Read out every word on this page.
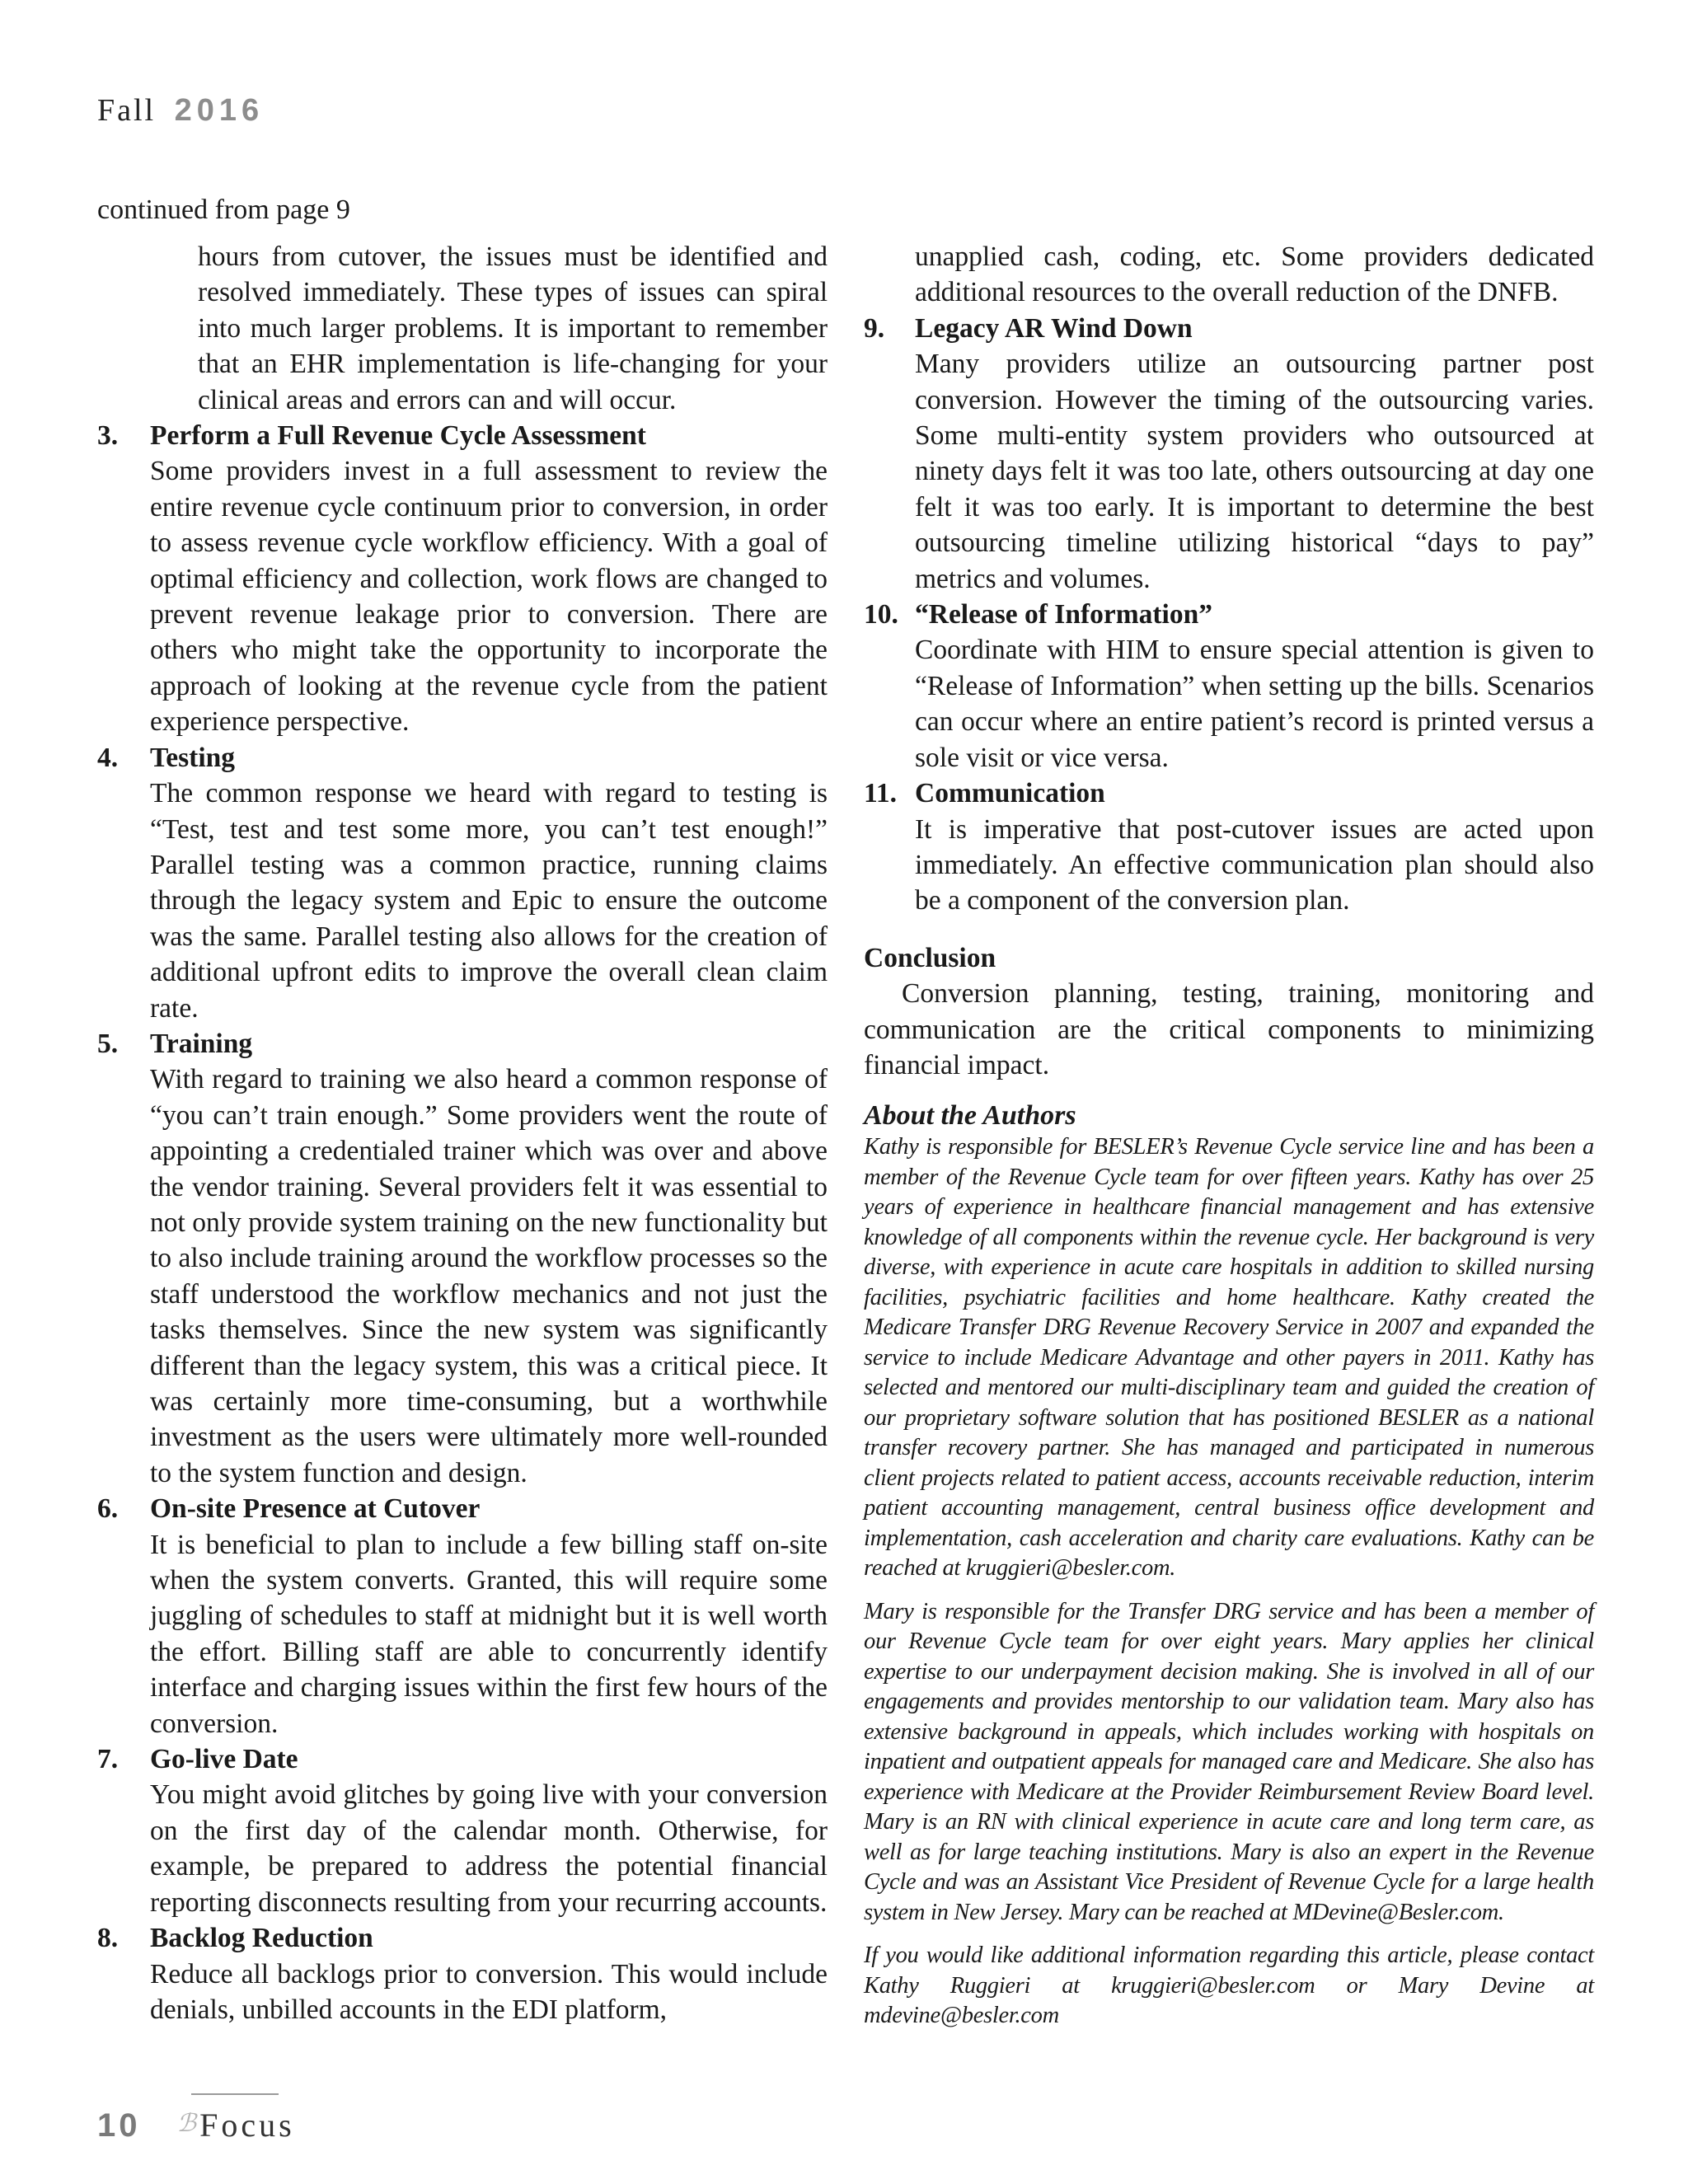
Fall 2016
continued from page 9

hours from cutover, the issues must be identified and resolved immediately. These types of issues can spiral into much larger problems. It is important to remember that an EHR implementation is life-changing for your clinical areas and errors can and will occur.

3. Perform a Full Revenue Cycle Assessment
Some providers invest in a full assessment to review the entire revenue cycle continuum prior to conversion, in order to assess revenue cycle workflow efficiency. With a goal of optimal efficiency and collection, work flows are changed to prevent revenue leakage prior to conversion. There are others who might take the opportunity to incorporate the approach of looking at the revenue cycle from the patient experience perspective.
4. Testing
The common response we heard with regard to testing is “Test, test and test some more, you can’t test enough!” Parallel testing was a common practice, running claims through the legacy system and Epic to ensure the outcome was the same. Parallel testing also allows for the creation of additional upfront edits to improve the overall clean claim rate.
5. Training
With regard to training we also heard a common response of “you can’t train enough.” Some providers went the route of appointing a credentialed trainer which was over and above the vendor training. Several providers felt it was essential to not only provide system training on the new functionality but to also include training around the workflow processes so the staff understood the workflow mechanics and not just the tasks themselves. Since the new system was significantly different than the legacy system, this was a critical piece. It was certainly more time-consuming, but a worthwhile investment as the users were ultimately more well-rounded to the system function and design.
6. On-site Presence at Cutover
It is beneficial to plan to include a few billing staff on-site when the system converts. Granted, this will require some juggling of schedules to staff at midnight but it is well worth the effort. Billing staff are able to concurrently identify interface and charging issues within the first few hours of the conversion.
7. Go-live Date
You might avoid glitches by going live with your conversion on the first day of the calendar month. Otherwise, for example, be prepared to address the potential financial reporting disconnects resulting from your recurring accounts.
8. Backlog Reduction
Reduce all backlogs prior to conversion. This would include denials, unbilled accounts in the EDI platform,

unapplied cash, coding, etc. Some providers dedicated additional resources to the overall reduction of the DNFB.

9. Legacy AR Wind Down
Many providers utilize an outsourcing partner post conversion. However the timing of the outsourcing varies. Some multi-entity system providers who outsourced at ninety days felt it was too late, others outsourcing at day one felt it was too early. It is important to determine the best outsourcing timeline utilizing historical “days to pay” metrics and volumes.
10. “Release of Information”
Coordinate with HIM to ensure special attention is given to “Release of Information” when setting up the bills. Scenarios can occur where an entire patient’s record is printed versus a sole visit or vice versa.
11. Communication
It is imperative that post-cutover issues are acted upon immediately. An effective communication plan should also be a component of the conversion plan.
Conclusion

Conversion planning, testing, training, monitoring and communication are the critical components to minimizing financial impact.

About the Authors

Kathy is responsible for BESLER’s Revenue Cycle service line and has been a member of the Revenue Cycle team for over fifteen years. Kathy has over 25 years of experience in healthcare financial management and has extensive knowledge of all components within the revenue cycle. Her background is very diverse, with experience in acute care hospitals in addition to skilled nursing facilities, psychiatric facilities and home healthcare. Kathy created the Medicare Transfer DRG Revenue Recovery Service in 2007 and expanded the service to include Medicare Advantage and other payers in 2011. Kathy has selected and mentored our multi-disciplinary team and guided the creation of our proprietary software solution that has positioned BESLER as a national transfer recovery partner. She has managed and participated in numerous client projects related to patient access, accounts receivable reduction, interim patient accounting management, central business office development and implementation, cash acceleration and charity care evaluations. Kathy can be reached at kruggieri@besler.com.

Mary is responsible for the Transfer DRG service and has been a member of our Revenue Cycle team for over eight years. Mary applies her clinical expertise to our underpayment decision making. She is involved in all of our engagements and provides mentorship to our validation team. Mary also has extensive background in appeals, which includes working with hospitals on inpatient and outpatient appeals for managed care and Medicare. She also has experience with Medicare at the Provider Reimbursement Review Board level. Mary is an RN with clinical experience in acute care and long term care, as well as for large teaching institutions. Mary is also an expert in the Revenue Cycle and was an Assistant Vice President of Revenue Cycle for a large health system in New Jersey. Mary can be reached at MDevine@Besler.com.

If you would like additional information regarding this article, please contact Kathy Ruggieri at kruggieri@besler.com or Mary Devine at mdevine@besler.com

10 ℬ Focus
